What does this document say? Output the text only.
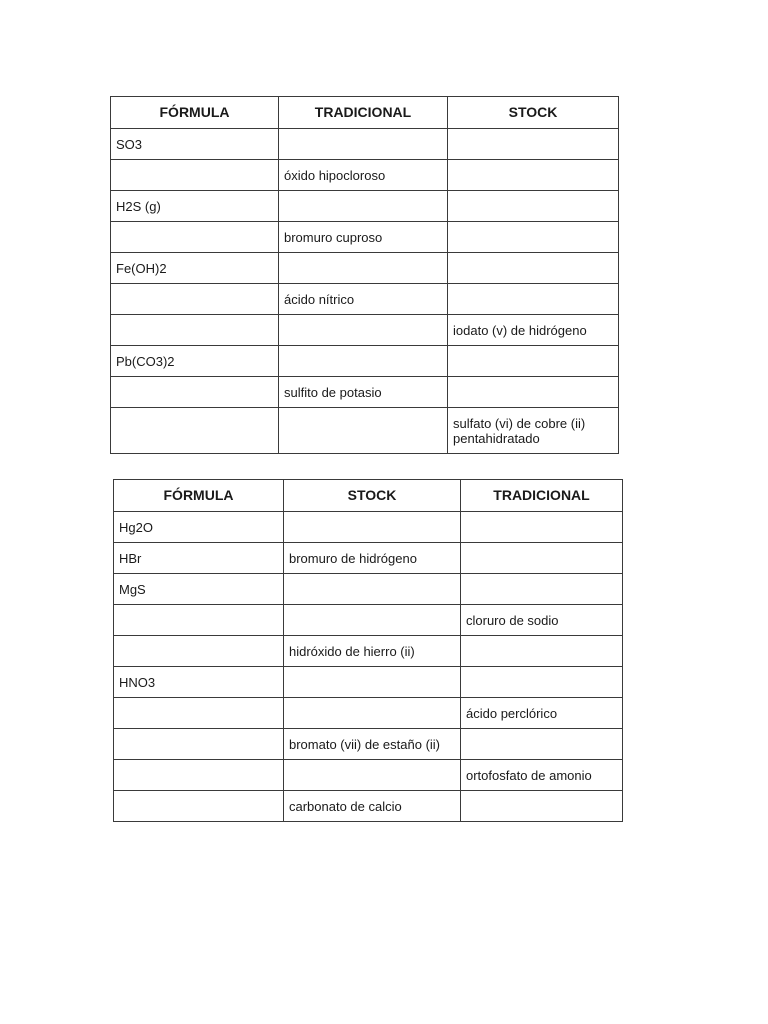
FÓRMULA	TRADICIONAL	STOCK
SO3		
	óxido hipocloroso	
H2S (g)		
	bromuro cuproso	
Fe(OH)2		
	ácido nítrico	
		iodato (v) de hidrógeno
Pb(CO3)2		
	sulfito de potasio	
		sulfato (vi) de cobre (ii) pentahidratado
FÓRMULA	STOCK	TRADICIONAL
Hg2O		
HBr	bromuro de hidrógeno	
MgS		
		cloruro de sodio
	hidróxido de hierro (ii)	
HNO3		
		ácido perclórico
	bromato (vii) de estaño (ii)	
		ortofosfato de amonio
	carbonato de calcio	
